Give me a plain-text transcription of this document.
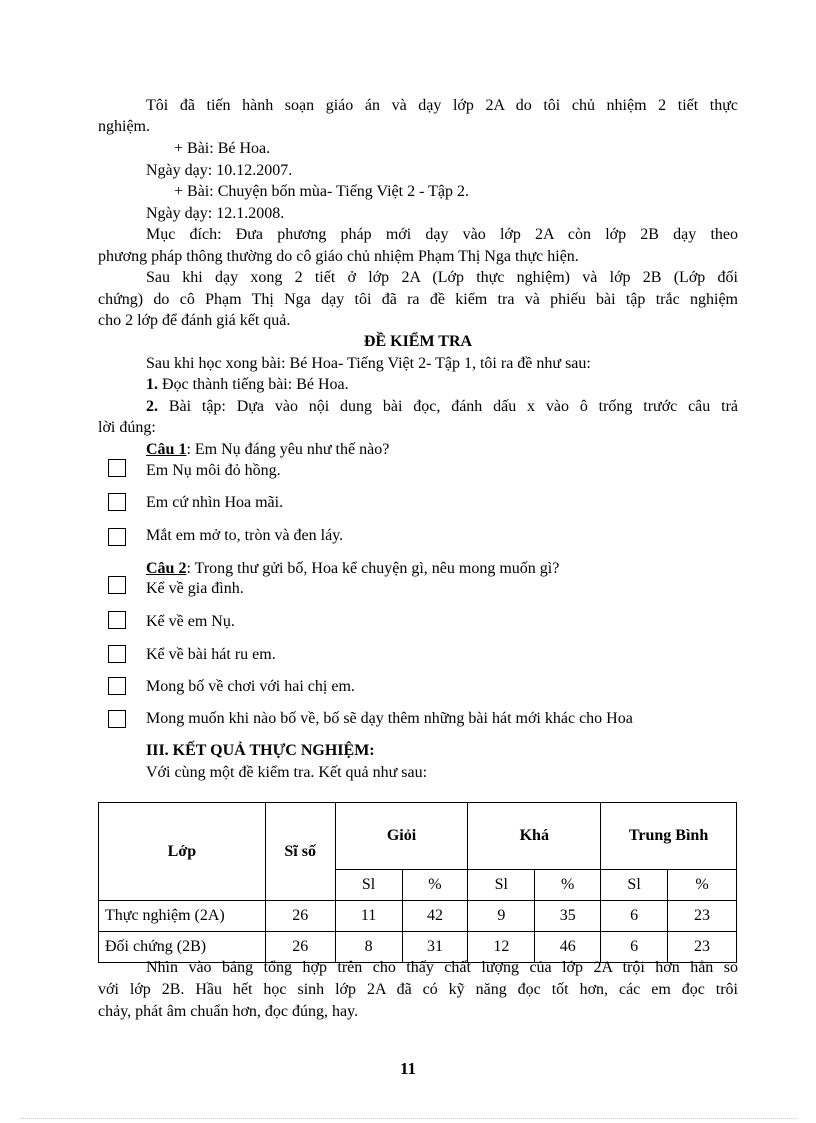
Tôi đã tiến hành soạn giáo án và dạy lớp 2A do tôi chủ nhiệm 2 tiết thực
nghiệm.
+ Bài: Bé Hoa.
Ngày dạy: 10.12.2007.
+ Bài: Chuyện bốn mùa- Tiếng Việt 2 - Tập 2.
Ngày dạy: 12.1.2008.
Mục đích: Đưa phương pháp mới dạy vào lớp 2A còn lớp 2B dạy theo
phương pháp thông thường do cô giáo chủ nhiệm Phạm Thị Nga thực hiện.
Sau khi dạy xong 2 tiết ở lớp 2A (Lớp thực nghiệm) và lớp 2B (Lớp đối
chứng) do cô Phạm Thị Nga dạy tôi đã ra đề kiểm tra và phiếu bài tập trắc nghiệm
cho 2 lớp để đánh giá kết quả.
ĐỀ KIỂM TRA
Sau khi học xong bài: Bé Hoa- Tiếng Việt 2- Tập 1, tôi ra đề như sau:
1. Đọc thành tiếng bài: Bé Hoa.
2. Bài tập: Dựa vào nội dung bài đọc, đánh dấu x vào ô trống trước câu trả
lời đúng:
Câu 1: Em Nụ đáng yêu như thế nào?
Em Nụ môi đỏ hồng.
Em cứ nhìn Hoa mãi.
Mắt em mở to, tròn và đen láy.
Câu 2: Trong thư gửi bố, Hoa kể chuyện gì, nêu mong muốn gì?
Kể về gia đình.
Kể về em Nụ.
Kể về bài hát ru em.
Mong bố về chơi với hai chị em.
Mong muốn khi nào bố về, bố sẽ dạy thêm những bài hát mới khác cho Hoa
III. KẾT QUẢ THỰC NGHIỆM:
Với cùng một đề kiểm tra. Kết quả như sau:
Lớp	Sĩ số	Giỏi		Khá		Trung Bình	
		Sl	%	Sl	%	Sl	%
Thực nghiệm (2A)	26	11	42	9	35	6	23
Đối chứng (2B)	26	8	31	12	46	6	23
Nhìn vào bảng tổng hợp trên cho thấy chất lượng của lớp 2A trội hơn hẳn so
với lớp 2B. Hầu hết học sinh lớp 2A đã có kỹ năng đọc tốt hơn, các em đọc trôi
chảy, phát âm chuẩn hơn, đọc đúng, hay.
11
